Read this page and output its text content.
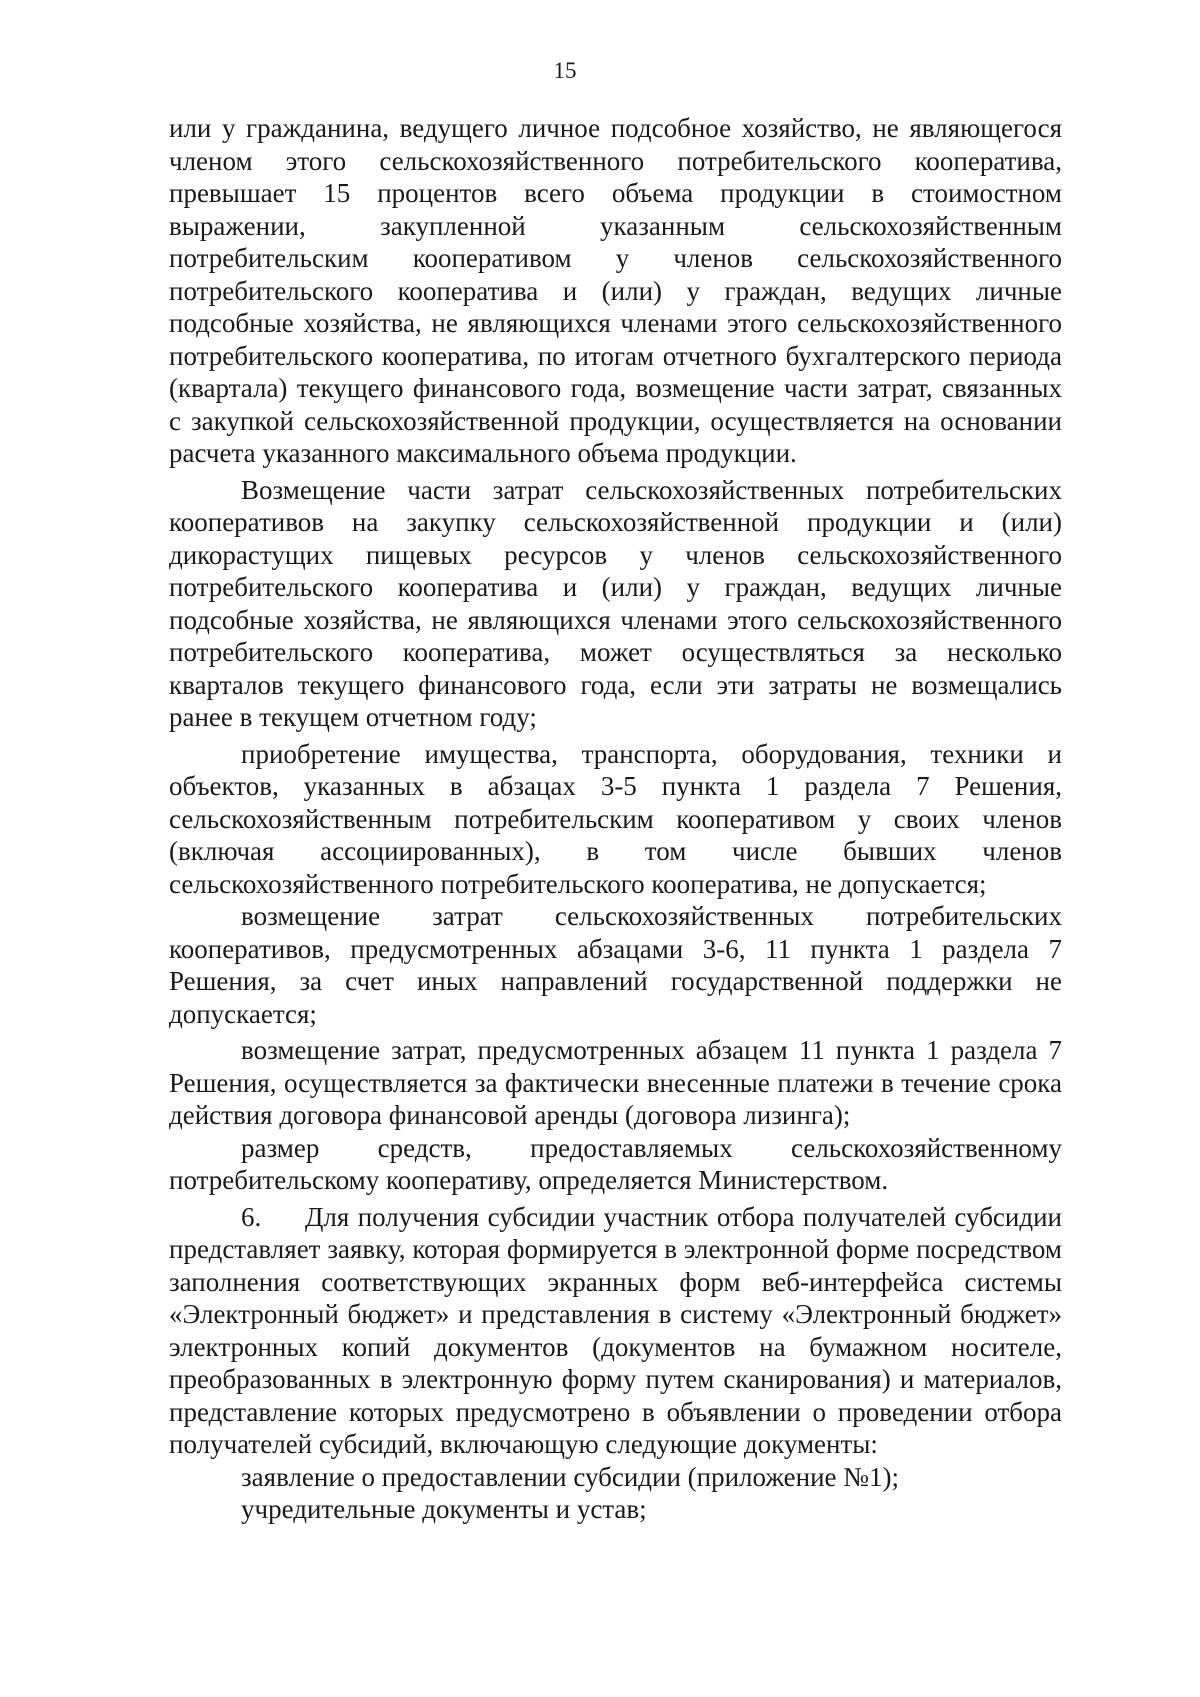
15

или у гражданина, ведущего личное подсобное хозяйство, не являющегося членом этого сельскохозяйственного потребительского кооператива, превышает 15 процентов всего объема продукции в стоимостном выражении, закупленной указанным сельскохозяйственным потребительским кооперативом у членов сельскохозяйственного потребительского кооператива и (или) у граждан, ведущих личные подсобные хозяйства, не являющихся членами этого сельскохозяйственного потребительского кооператива, по итогам отчетного бухгалтерского периода (квартала) текущего финансового года, возмещение части затрат, связанных с закупкой сельскохозяйственной продукции, осуществляется на основании расчета указанного максимального объема продукции.

Возмещение части затрат сельскохозяйственных потребительских кооперативов на закупку сельскохозяйственной продукции и (или) дикорастущих пищевых ресурсов у членов сельскохозяйственного потребительского кооператива и (или) у граждан, ведущих личные подсобные хозяйства, не являющихся членами этого сельскохозяйственного потребительского кооператива, может осуществляться за несколько кварталов текущего финансового года, если эти затраты не возмещались ранее в текущем отчетном году;

приобретение имущества, транспорта, оборудования, техники и объектов, указанных в абзацах 3-5 пункта 1 раздела 7 Решения, сельскохозяйственным потребительским кооперативом у своих членов (включая ассоциированных), в том числе бывших членов сельскохозяйственного потребительского кооператива, не допускается;

возмещение затрат сельскохозяйственных потребительских кооперативов, предусмотренных абзацами 3-6, 11 пункта 1 раздела 7 Решения, за счет иных направлений государственной поддержки не допускается;

возмещение затрат, предусмотренных абзацем 11 пункта 1 раздела 7 Решения, осуществляется за фактически внесенные платежи в течение срока действия договора финансовой аренды (договора лизинга);

размер средств, предоставляемых сельскохозяйственному потребительскому кооперативу, определяется Министерством.

6. Для получения субсидии участник отбора получателей субсидии представляет заявку, которая формируется в электронной форме посредством заполнения соответствующих экранных форм веб-интерфейса системы «Электронный бюджет» и представления в систему «Электронный бюджет» электронных копий документов (документов на бумажном носителе, преобразованных в электронную форму путем сканирования) и материалов, представление которых предусмотрено в объявлении о проведении отбора получателей субсидий, включающую следующие документы:

заявление о предоставлении субсидии (приложение №1);

учредительные документы и устав;
